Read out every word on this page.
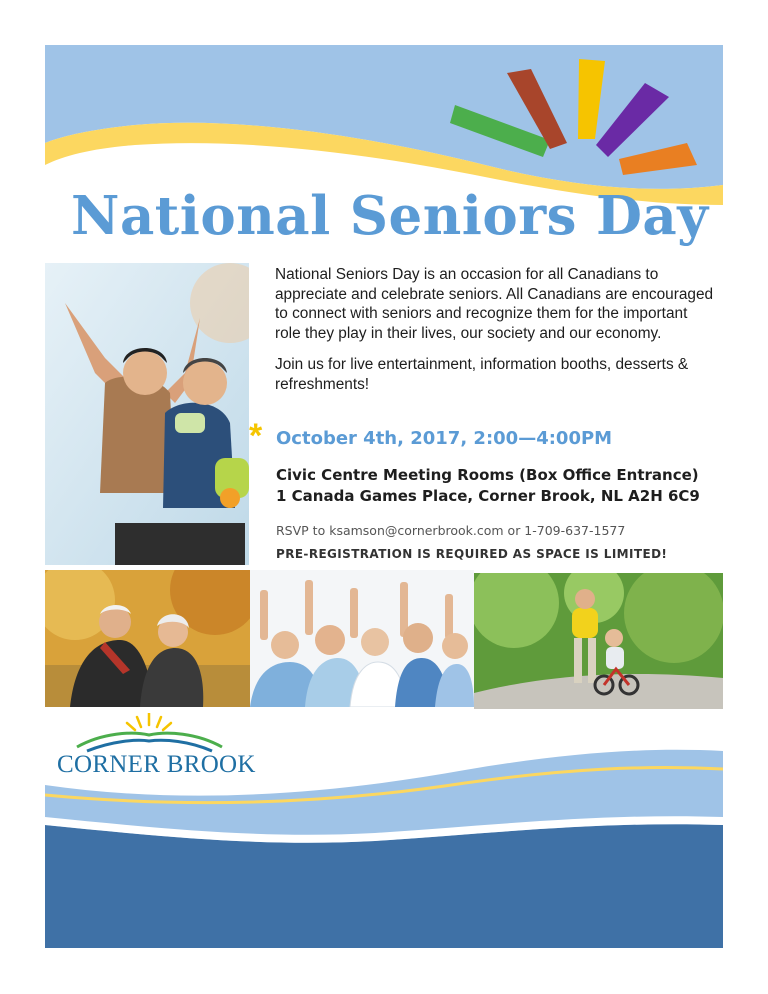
National Seniors Day

National Seniors Day is an occasion for all Canadians to appreciate and celebrate seniors. All Canadians are encouraged to connect with seniors and recognize them for the important role they play in their lives, our society and our economy.

Join us for live entertainment, information booths, desserts & refreshments!

* October 4th, 2017, 2:00—4:00PM
Civic Centre Meeting Rooms (Box Office Entrance)
1 Canada Games Place, Corner Brook, NL A2H 6C9
RSVP to ksamson@cornerbrook.com or 1-709-637-1577
PRE-REGISTRATION IS REQUIRED AS SPACE IS LIMITED!
CORNER BROOK
